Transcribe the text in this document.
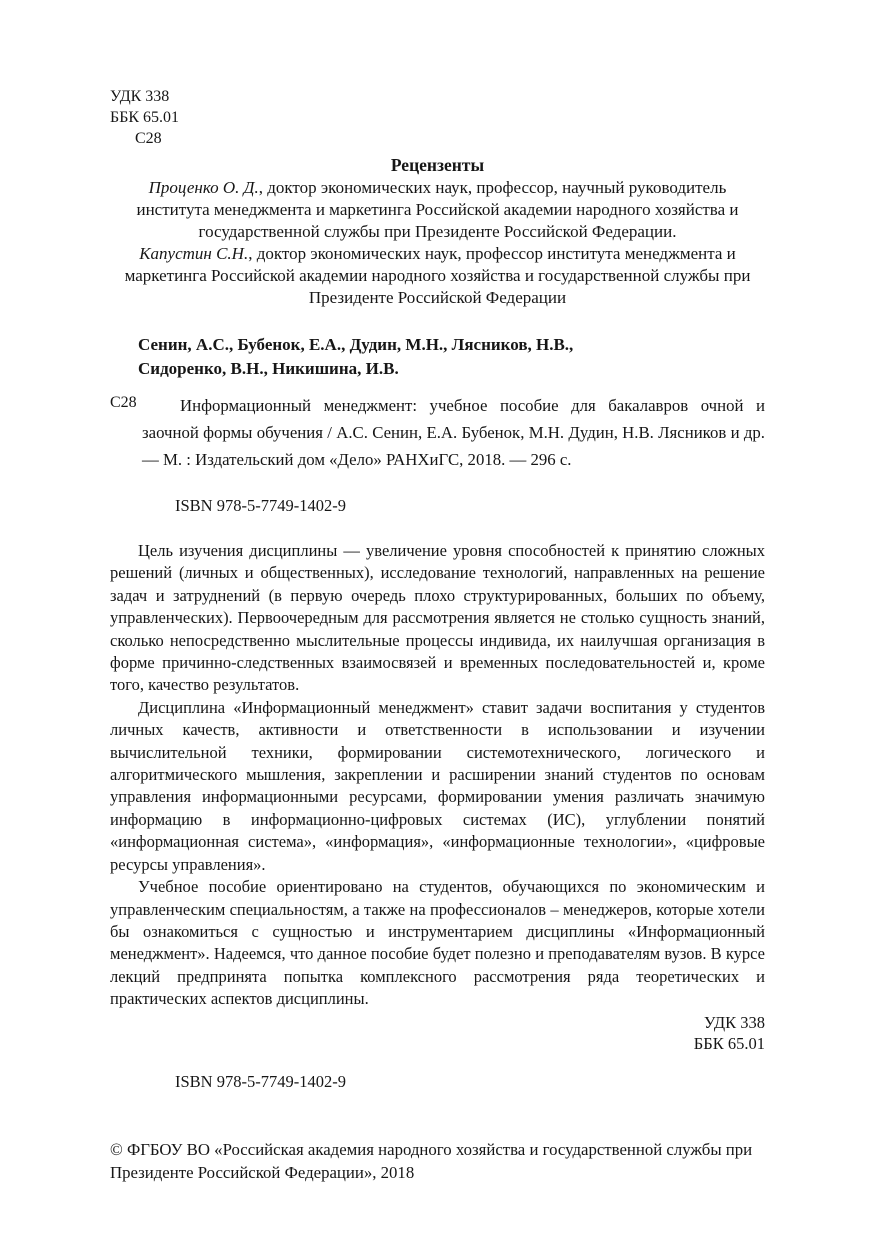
УДК 338
ББК 65.01
С28
Рецензенты

Проценко О. Д., доктор экономических наук, профессор, научный руководитель института менеджмента и маркетинга Российской академии народного хозяйства и государственной службы при Президенте Российской Федерации.

Капустин С.Н., доктор экономических наук, профессор института менеджмента и маркетинга Российской академии народного хозяйства и государственной службы при Президенте Российской Федерации

Сенин, А.С., Бубенок, Е.А., Дудин, М.Н., Лясников, Н.В., Сидоренко, В.Н., Никишина, И.В.

С28	Информационный менеджмент: учебное пособие для бакалавров очной и заочной формы обучения / А.С. Сенин, Е.А. Бубенок, М.Н. Дудин, Н.В. Лясников и др. — М. : Издательский дом «Дело» РАНХиГС, 2018. — 296 с.

ISBN 978-5-7749-1402-9

Цель изучения дисциплины — увеличение уровня способностей к принятию сложных решений (личных и общественных), исследование технологий, направленных на решение задач и затруднений (в первую очередь плохо структурированных, больших по объему, управленческих). Первоочередным для рассмотрения является не столько сущность знаний, сколько непосредственно мыслительные процессы индивида, их наилучшая организация в форме причинно-следственных взаимосвязей и временных последовательностей и, кроме того, качество результатов.

Дисциплина «Информационный менеджмент» ставит задачи воспитания у студентов личных качеств, активности и ответственности в использовании и изучении вычислительной техники, формировании системотехнического, логического и алгоритмического мышления, закреплении и расширении знаний студентов по основам управления информационными ресурсами, формировании умения различать значимую информацию в информационно-цифровых системах (ИС), углублении понятий «информационная система», «информация», «информационные технологии», «цифровые ресурсы управления».

Учебное пособие ориентировано на студентов, обучающихся по экономическим и управленческим специальностям, а также на профессионалов – менеджеров, которые хотели бы ознакомиться с сущностью и инструментарием дисциплины «Информационный менеджмент». Надеемся, что данное пособие будет полезно и преподавателям вузов. В курсе лекций предпринята попытка комплексного рассмотрения ряда теоретических и практических аспектов дисциплины.

УДК 338
ББК 65.01

ISBN 978-5-7749-1402-9

© ФГБОУ ВО «Российская академия народного хозяйства и государственной службы при Президенте Российской Федерации», 2018
